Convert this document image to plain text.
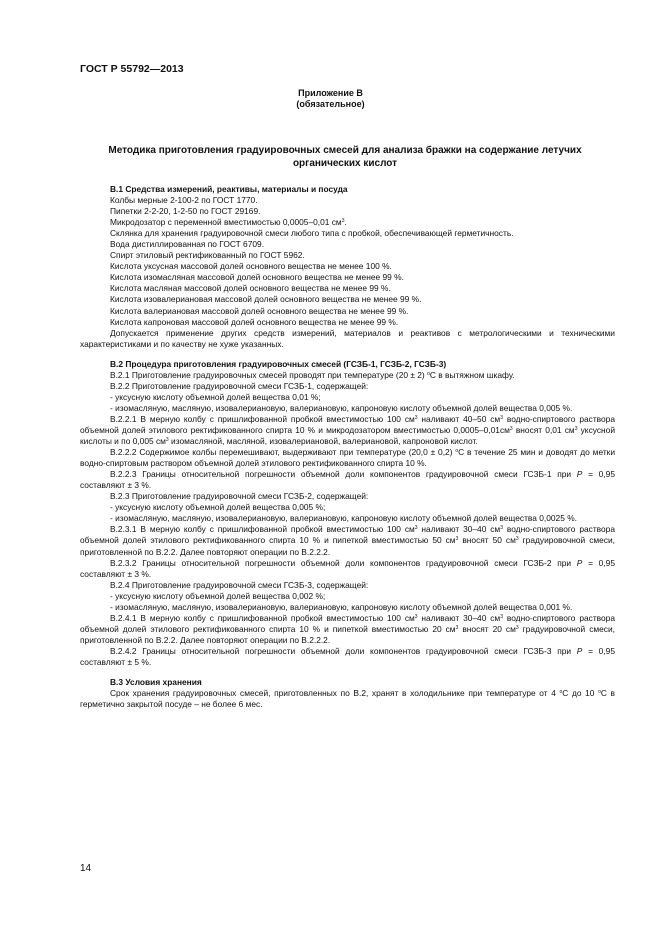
ГОСТ Р 55792—2013
Приложение В
(обязательное)
Методика приготовления градуировочных смесей для анализа бражки на содержание летучих органических кислот

В.1 Средства измерений, реактивы, материалы и посуда

Колбы мерные 2-100-2 по ГОСТ 1770.

Пипетки 2-2-20, 1-2-50 по ГОСТ 29169.

Микродозатор с переменной вместимостью 0,0005–0,01 $см^3$.

Склянка для хранения градуировочной смеси любого типа с пробкой, обеспечивающей герметичность.

Вода дистиллированная по ГОСТ 6709.

Спирт этиловый ректификованный по ГОСТ 5962.

Кислота уксусная массовой долей основного вещества не менее 100 %.

Кислота изомасляная массовой долей основного вещества не менее 99 %.

Кислота масляная массовой долей основного вещества не менее 99 %.

Кислота изовалериановая массовой долей основного вещества не менее 99 %.

Кислота валериановая массовой долей основного вещества не менее 99 %.

Кислота капроновая массовой долей основного вещества не менее 99 %.

Допускается применение других средств измерений, материалов и реактивов с метрологическими и техническими характеристиками и по качеству не хуже указанных.

В.2 Процедура приготовления градуировочных смесей (ГСЗБ-1, ГСЗБ-2, ГСЗБ-3)

В.2.1 Приготовление градуировочных смесей проводят при температуре (20 ± 2) $^о$С в вытяжном шкафу.

В.2.2 Приготовление градуировочной смеси ГСЗБ-1, содержащей:

- уксусную кислоту объемной долей вещества 0,01 %;

- изомасляную, масляную, изовалериановую, валериановую, капроновую кислоту объемной долей вещества 0,005 %.

В.2.2.1 В мерную колбу с пришлифованной пробкой вместимостью 100 $см^3$ наливают 40–50 $см^3$ водно-спиртового раствора объемной долей этилового ректификованного спирта 10 % и микродозатором вместимостью $0,0005-0,01см^3$ вносят 0,01 $см^3$ уксусной кислоты и по 0,005 $см^3$ изомасляной, масляной, изовалериановой, валериановой, капроновой кислот.

В.2.2.2 Содержимое колбы перемешивают, выдерживают при температуре (20,0 ± 0,2) $^о$С в течение 25 мин и доводят до метки водно-спиртовым раствором объемной долей этилового ректификованного спирта 10 %.

В.2.2.3 Границы относительной погрешности объемной доли компонентов градуировочной смеси ГСЗБ-1 при P = 0,95 составляют ± 3 %.

В.2.3 Приготовление градуировочной смеси ГСЗБ-2, содержащей:

- уксусную кислоту объемной долей вещества 0,005 %;

- изомасляную, масляную, изовалериановую, валериановую, капроновую кислоту объемной долей вещества 0,0025 %.

В.2.3.1 В мерную колбу с пришлифованной пробкой вместимостью 100 $см^3$ наливают 30–40 $см^3$ водно-спиртового раствора объемной долей этилового ректификованного спирта 10 % и пипеткой вместимостью 50 $см^3$ вносят 50 $см^3$ градуировочной смеси, приготовленной по В.2.2. Далее повторяют операции по В.2.2.2.

В.2.3.2 Границы относительной погрешности объемной доли компонентов градуировочной смеси ГСЗБ-2 при P = 0,95 составляют ± 3 %.

В.2.4 Приготовление градуировочной смеси ГСЗБ-3, содержащей:

- уксусную кислоту объемной долей вещества 0,002 %;

- изомасляную, масляную, изовалериановую, валериановую, капроновую кислоту объемной долей вещества 0,001 %.

В.2.4.1 В мерную колбу с пришлифованной пробкой вместимостью 100 $см^3$ наливают 30–40 $см^3$ водно-спиртового раствора объемной долей этилового ректификованного спирта 10 % и пипеткой вместимостью 20 $см^3$ вносят 20 $см^3$ градуировочной смеси, приготовленной по В.2.2. Далее повторяют операции по В.2.2.2.

В.2.4.2 Границы относительной погрешности объемной доли компонентов градуировочной смеси ГСЗБ-3 при P = 0,95 составляют ± 5 %.

В.3 Условия хранения

Срок хранения градуировочных смесей, приготовленных по В.2, хранят в холодильнике при температуре от 4 $^о$С до 10 $^о$С в герметично закрытой посуде – не более 6 мес.

14
